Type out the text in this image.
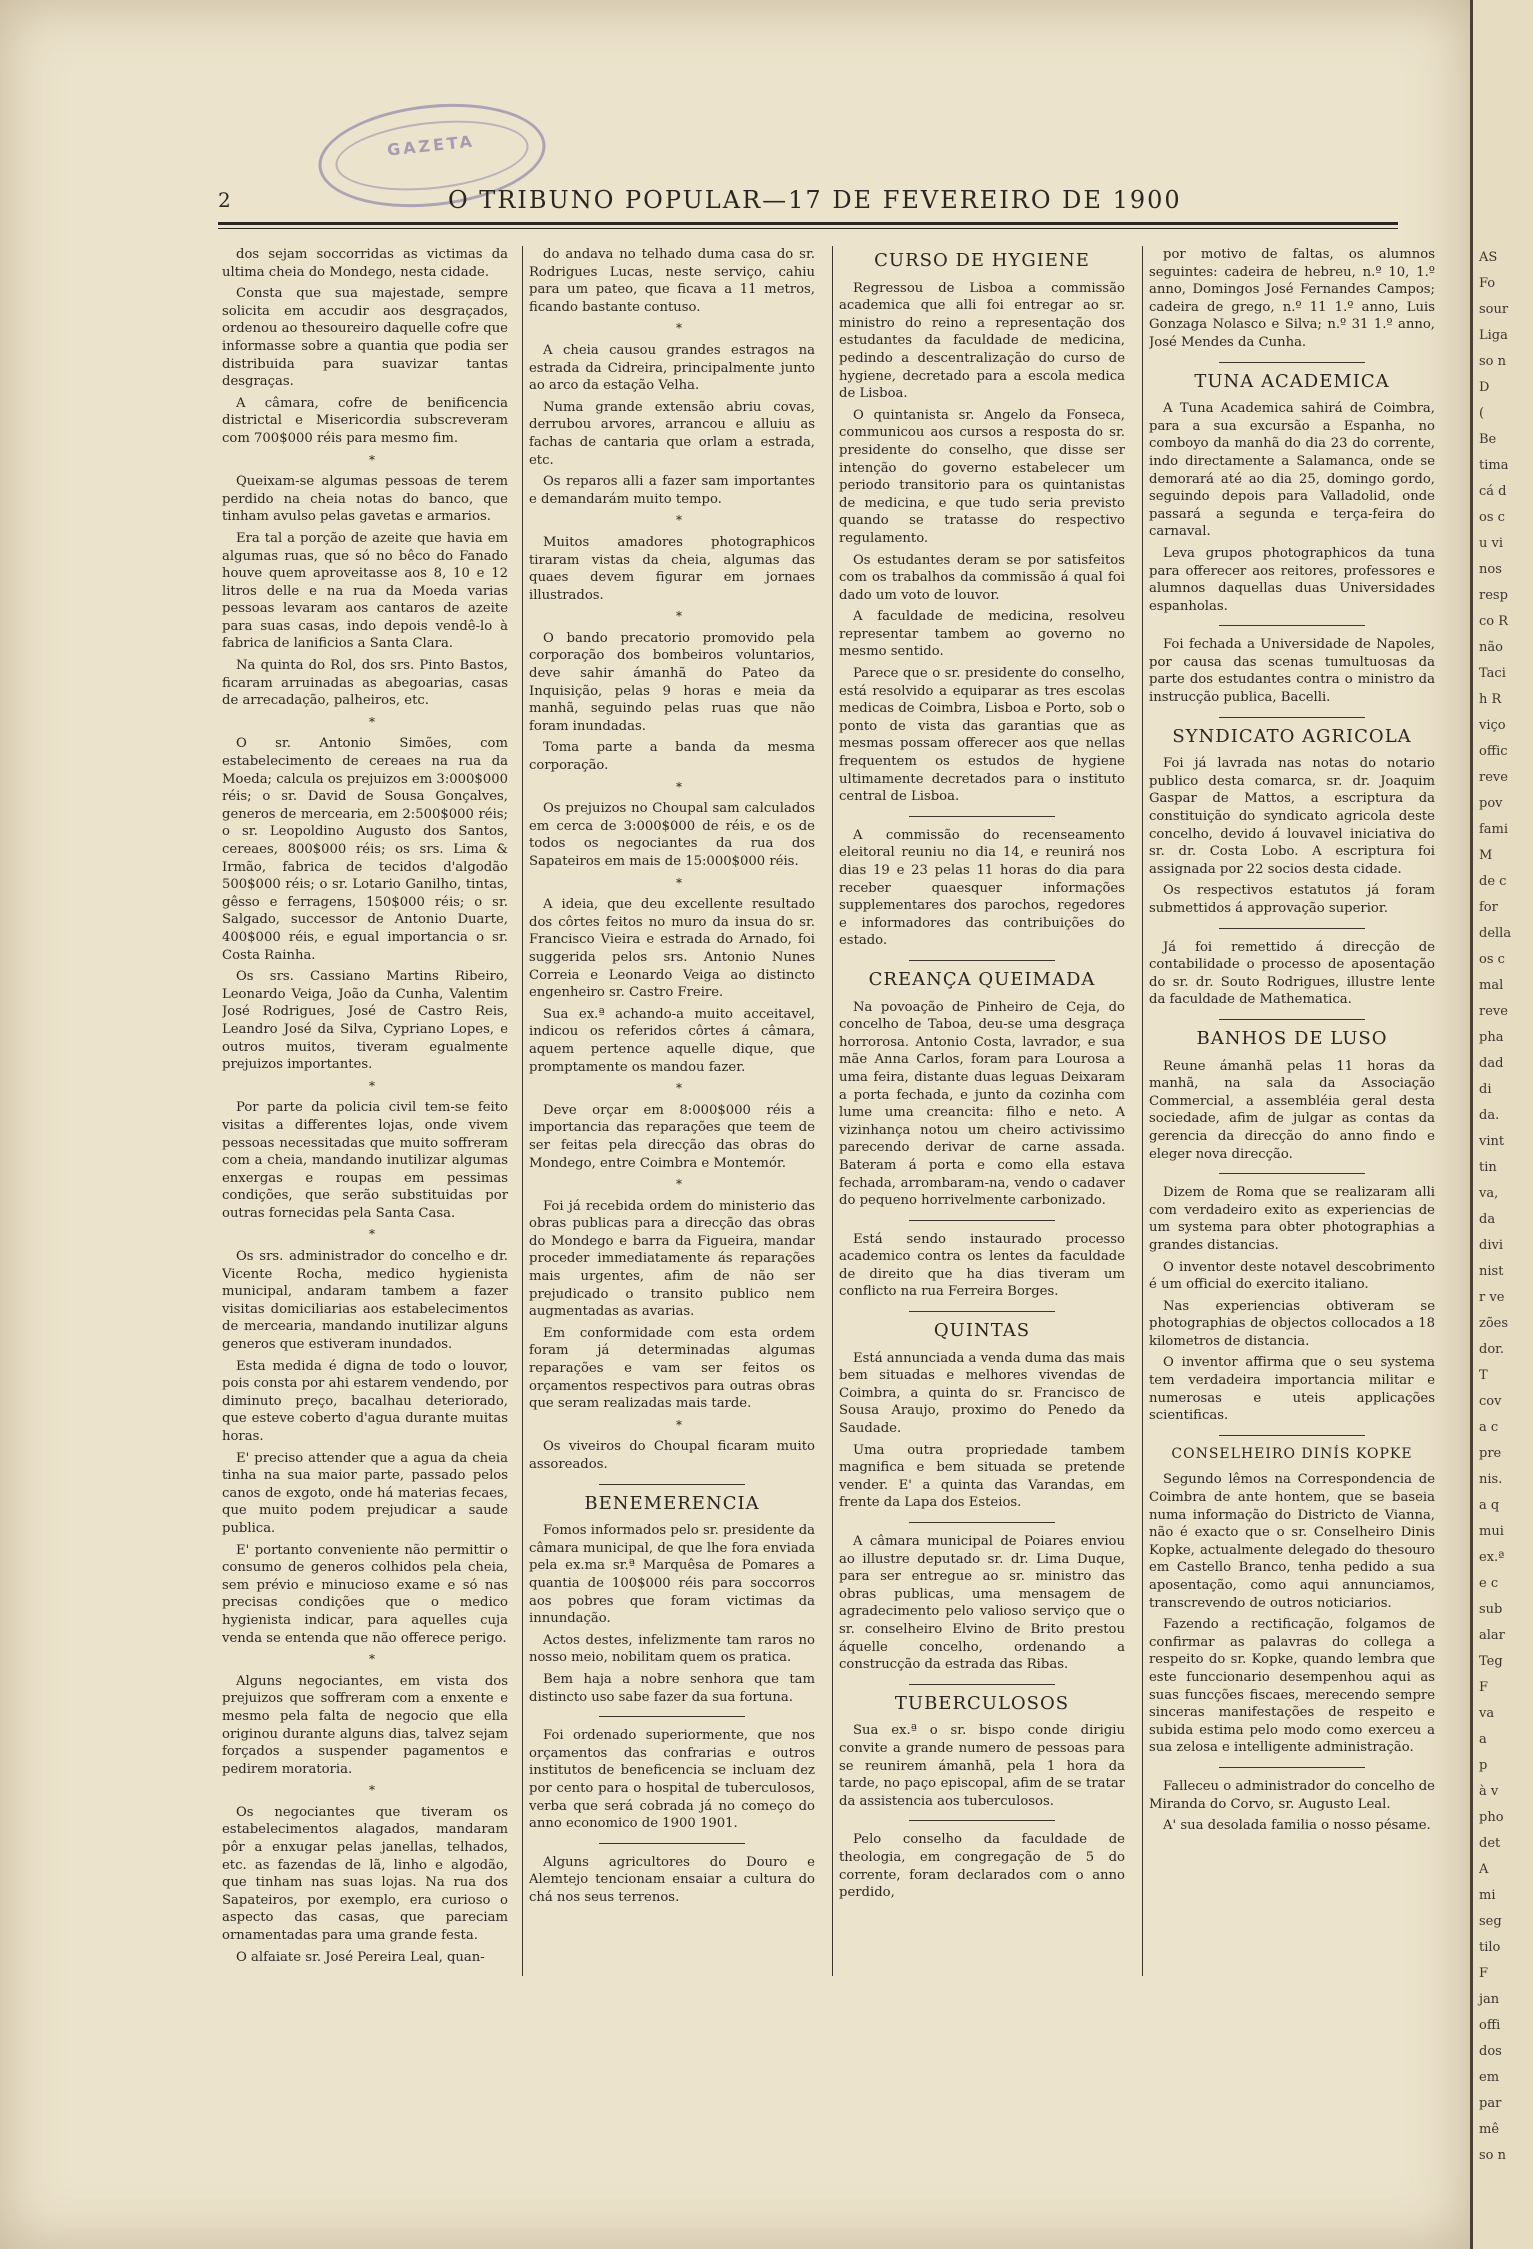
GAZETA
2	O TRIBUNO POPULAR—17 DE FEVEREIRO DE 1900

dos sejam soccorridas as victimas da ultima cheia do Mondego, nesta cidade.

Consta que sua majestade, sempre solicita em accudir aos desgraçados, ordenou ao thesoureiro daquelle cofre que informasse sobre a quantia que podia ser distribuida para suavizar tantas desgraças.

A câmara, cofre de benificencia districtal e Misericordia subscreveram com 700$000 réis para mesmo fim.

*

Queixam-se algumas pessoas de terem perdido na cheia notas do banco, que tinham avulso pelas gavetas e armarios.

Era tal a porção de azeite que havia em algumas ruas, que só no bêco do Fanado houve quem aproveitasse aos 8, 10 e 12 litros delle e na rua da Moeda varias pessoas levaram aos cantaros de azeite para suas casas, indo depois vendê-lo à fabrica de lanificios a Santa Clara.

Na quinta do Rol, dos srs. Pinto Bastos, ficaram arruinadas as abegoarias, casas de arrecadação, palheiros, etc.

*

O sr. Antonio Simões, com estabelecimento de cereaes na rua da Moeda; calcula os prejuizos em 3:000$000 réis; o sr. David de Sousa Gonçalves, generos de mercearia, em 2:500$000 réis; o sr. Leopoldino Augusto dos Santos, cereaes, 800$000 réis; os srs. Lima & Irmão, fabrica de tecidos d'algodão 500$000 réis; o sr. Lotario Ganilho, tintas, gêsso e ferragens, 150$000 réis; o sr. Salgado, successor de Antonio Duarte, 400$000 réis, e egual importancia o sr. Costa Rainha.

Os srs. Cassiano Martins Ribeiro, Leonardo Veiga, João da Cunha, Valentim José Rodrigues, José de Castro Reis, Leandro José da Silva, Cypriano Lopes, e outros muitos, tiveram egualmente prejuizos importantes.

*

Por parte da policia civil tem-se feito visitas a differentes lojas, onde vivem pessoas necessitadas que muito soffreram com a cheia, mandando inutilizar algumas enxergas e roupas em pessimas condições, que serão substituidas por outras fornecidas pela Santa Casa.

*

Os srs. administrador do concelho e dr. Vicente Rocha, medico hygienista municipal, andaram tambem a fazer visitas domiciliarias aos estabelecimentos de mercearia, mandando inutilizar alguns generos que estiveram inundados.

Esta medida é digna de todo o louvor, pois consta por ahi estarem vendendo, por diminuto preço, bacalhau deteriorado, que esteve coberto d'agua durante muitas horas.

E' preciso attender que a agua da cheia tinha na sua maior parte, passado pelos canos de exgoto, onde há materias fecaes, que muito podem prejudicar a saude publica.

E' portanto conveniente não permittir o consumo de generos colhidos pela cheia, sem prévio e minucioso exame e só nas precisas condições que o medico hygienista indicar, para aquelles cuja venda se entenda que não offerece perigo.

*

Alguns negociantes, em vista dos prejuizos que soffreram com a enxente e mesmo pela falta de negocio que ella originou durante alguns dias, talvez sejam forçados a suspender pagamentos e pedirem moratoria.

*

Os negociantes que tiveram os estabelecimentos alagados, mandaram pôr a enxugar pelas janellas, telhados, etc. as fazendas de lã, linho e algodão, que tinham nas suas lojas. Na rua dos Sapateiros, por exemplo, era curioso o aspecto das casas, que pareciam ornamentadas para uma grande festa.

O alfaiate sr. José Pereira Leal, quan-

do andava no telhado duma casa do sr. Rodrigues Lucas, neste serviço, cahiu para um pateo, que ficava a 11 metros, ficando bastante contuso.

*

A cheia causou grandes estragos na estrada da Cidreira, principalmente junto ao arco da estação Velha.

Numa grande extensão abriu covas, derrubou arvores, arrancou e alluiu as fachas de cantaria que orlam a estrada, etc.

Os reparos alli a fazer sam importantes e demandarám muito tempo.

*

Muitos amadores photographicos tiraram vistas da cheia, algumas das quaes devem figurar em jornaes illustrados.

*

O bando precatorio promovido pela corporação dos bombeiros voluntarios, deve sahir ámanhã do Pateo da Inquisição, pelas 9 horas e meia da manhã, seguindo pelas ruas que não foram inundadas.

Toma parte a banda da mesma corporação.

*

Os prejuizos no Choupal sam calculados em cerca de 3:000$000 de réis, e os de todos os negociantes da rua dos Sapateiros em mais de 15:000$000 réis.

*

A ideia, que deu excellente resultado dos côrtes feitos no muro da insua do sr. Francisco Vieira e estrada do Arnado, foi suggerida pelos srs. Antonio Nunes Correia e Leonardo Veiga ao distincto engenheiro sr. Castro Freire.

Sua ex.ª achando-a muito acceitavel, indicou os referidos côrtes á câmara, aquem pertence aquelle dique, que promptamente os mandou fazer.

*

Deve orçar em 8:000$000 réis a importancia das reparações que teem de ser feitas pela direcção das obras do Mondego, entre Coimbra e Montemór.

*

Foi já recebida ordem do ministerio das obras publicas para a direcção das obras do Mondego e barra da Figueira, mandar proceder immediatamente ás reparações mais urgentes, afim de não ser prejudicado o transito publico nem augmentadas as avarias.

Em conformidade com esta ordem foram já determinadas algumas reparações e vam ser feitos os orçamentos respectivos para outras obras que seram realizadas mais tarde.

*

Os viveiros do Choupal ficaram muito assoreados.

BENEMERENCIA

Fomos informados pelo sr. presidente da câmara municipal, de que lhe fora enviada pela ex.ma sr.ª Marquêsa de Pomares a quantia de 100$000 réis para soccorros aos pobres que foram victimas da innundação.

Actos destes, infelizmente tam raros no nosso meio, nobilitam quem os pratica.

Bem haja a nobre senhora que tam distincto uso sabe fazer da sua fortuna.

Foi ordenado superiormente, que nos orçamentos das confrarias e outros institutos de beneficencia se incluam dez por cento para o hospital de tuberculosos, verba que será cobrada já no começo do anno economico de 1900 1901.

Alguns agricultores do Douro e Alemtejo tencionam ensaiar a cultura do chá nos seus terrenos.

CURSO DE HYGIENE

Regressou de Lisboa a commissão academica que alli foi entregar ao sr. ministro do reino a representação dos estudantes da faculdade de medicina, pedindo a descentralização do curso de hygiene, decretado para a escola medica de Lisboa.

O quintanista sr. Angelo da Fonseca, communicou aos cursos a resposta do sr. presidente do conselho, que disse ser intenção do governo estabelecer um periodo transitorio para os quintanistas de medicina, e que tudo seria previsto quando se tratasse do respectivo regulamento.

Os estudantes deram se por satisfeitos com os trabalhos da commissão á qual foi dado um voto de louvor.

A faculdade de medicina, resolveu representar tambem ao governo no mesmo sentido.

Parece que o sr. presidente do conselho, está resolvido a equiparar as tres escolas medicas de Coimbra, Lisboa e Porto, sob o ponto de vista das garantias que as mesmas possam offerecer aos que nellas frequentem os estudos de hygiene ultimamente decretados para o instituto central de Lisboa.

A commissão do recenseamento eleitoral reuniu no dia 14, e reunirá nos dias 19 e 23 pelas 11 horas do dia para receber quaesquer informações supplementares dos parochos, regedores e informadores das contribuições do estado.

CREANÇA QUEIMADA

Na povoação de Pinheiro de Ceja, do concelho de Taboa, deu-se uma desgraça horrorosa. Antonio Costa, lavrador, e sua mãe Anna Carlos, foram para Lourosa a uma feira, distante duas leguas Deixaram a porta fechada, e junto da cozinha com lume uma creancita: filho e neto. A vizinhança notou um cheiro activissimo parecendo derivar de carne assada. Bateram á porta e como ella estava fechada, arrombaram-na, vendo o cadaver do pequeno horrivelmente carbonizado.

Está sendo instaurado processo academico contra os lentes da faculdade de direito que ha dias tiveram um conflicto na rua Ferreira Borges.

QUINTAS

Está annunciada a venda duma das mais bem situadas e melhores vivendas de Coimbra, a quinta do sr. Francisco de Sousa Araujo, proximo do Penedo da Saudade.

Uma outra propriedade tambem magnifica e bem situada se pretende vender. E' a quinta das Varandas, em frente da Lapa dos Esteios.

A câmara municipal de Poiares enviou ao illustre deputado sr. dr. Lima Duque, para ser entregue ao sr. ministro das obras publicas, uma mensagem de agradecimento pelo valioso serviço que o sr. conselheiro Elvino de Brito prestou áquelle concelho, ordenando a construcção da estrada das Ribas.

TUBERCULOSOS

Sua ex.ª o sr. bispo conde dirigiu convite a grande numero de pessoas para se reunirem ámanhã, pela 1 hora da tarde, no paço episcopal, afim de se tratar da assistencia aos tuberculosos.

Pelo conselho da faculdade de theologia, em congregação de 5 do corrente, foram declarados com o anno perdido,

por motivo de faltas, os alumnos seguintes: cadeira de hebreu, n.º 10, 1.º anno, Domingos José Fernandes Campos; cadeira de grego, n.º 11 1.º anno, Luis Gonzaga Nolasco e Silva; n.º 31 1.º anno, José Mendes da Cunha.

TUNA ACADEMICA

A Tuna Academica sahirá de Coimbra, para a sua excursão a Espanha, no comboyo da manhã do dia 23 do corrente, indo directamente a Salamanca, onde se demorará até ao dia 25, domingo gordo, seguindo depois para Valladolid, onde passará a segunda e terça-feira do carnaval.

Leva grupos photographicos da tuna para offerecer aos reitores, professores e alumnos daquellas duas Universidades espanholas.

Foi fechada a Universidade de Napoles, por causa das scenas tumultuosas da parte dos estudantes contra o ministro da instrucção publica, Bacelli.

SYNDICATO AGRICOLA

Foi já lavrada nas notas do notario publico desta comarca, sr. dr. Joaquim Gaspar de Mattos, a escriptura da constituição do syndicato agricola deste concelho, devido á louvavel iniciativa do sr. dr. Costa Lobo. A escriptura foi assignada por 22 socios desta cidade.

Os respectivos estatutos já foram submettidos á approvação superior.

Já foi remettido á direcção de contabilidade o processo de aposentação do sr. dr. Souto Rodrigues, illustre lente da faculdade de Mathematica.

BANHOS DE LUSO

Reune ámanhã pelas 11 horas da manhã, na sala da Associação Commercial, a assembléia geral desta sociedade, afim de julgar as contas da gerencia da direcção do anno findo e eleger nova direcção.

Dizem de Roma que se realizaram alli com verdadeiro exito as experiencias de um systema para obter photographias a grandes distancias.

O inventor deste notavel descobrimento é um official do exercito italiano.

Nas experiencias obtiveram se photographias de objectos collocados a 18 kilometros de distancia.

O inventor affirma que o seu systema tem verdadeira importancia militar e numerosas e uteis applicações scientificas.

CONSELHEIRO DINÍS KOPKE

Segundo lêmos na Correspondencia de Coimbra de ante hontem, que se baseia numa informação do Districto de Vianna, não é exacto que o sr. Conselheiro Dinis Kopke, actualmente delegado do thesouro em Castello Branco, tenha pedido a sua aposentação, como aqui annunciamos, transcrevendo de outros noticiarios.

Fazendo a rectificação, folgamos de confirmar as palavras do collega a respeito do sr. Kopke, quando lembra que este funccionario desempenhou aqui as suas funcções fiscaes, merecendo sempre sinceras manifestações de respeito e subida estima pelo modo como exerceu a sua zelosa e intelligente administração.

Falleceu o administrador do concelho de Miranda do Corvo, sr. Augusto Leal.

A' sua desolada familia o nosso pésame.

AS
Fo
sour
Liga
so n
D
(
Be
tima
cá d
os c
u vi
nos
resp
co R
não
Taci
h R
viço
offic
reve
pov
fami
M
de c
for
della
os c
mal
reve
pha
dad
di
da.
vint
tin
va,
da
divi
nist
r ve
zões
dor.
T
cov
a c
pre
nis.
a q
mui
ex.ª
e c
sub
alar
Teg
F
va
a
p
à v
pho
det
A
mi
seg
tilo
F
jan
offi
dos
em
par
mê
so n
